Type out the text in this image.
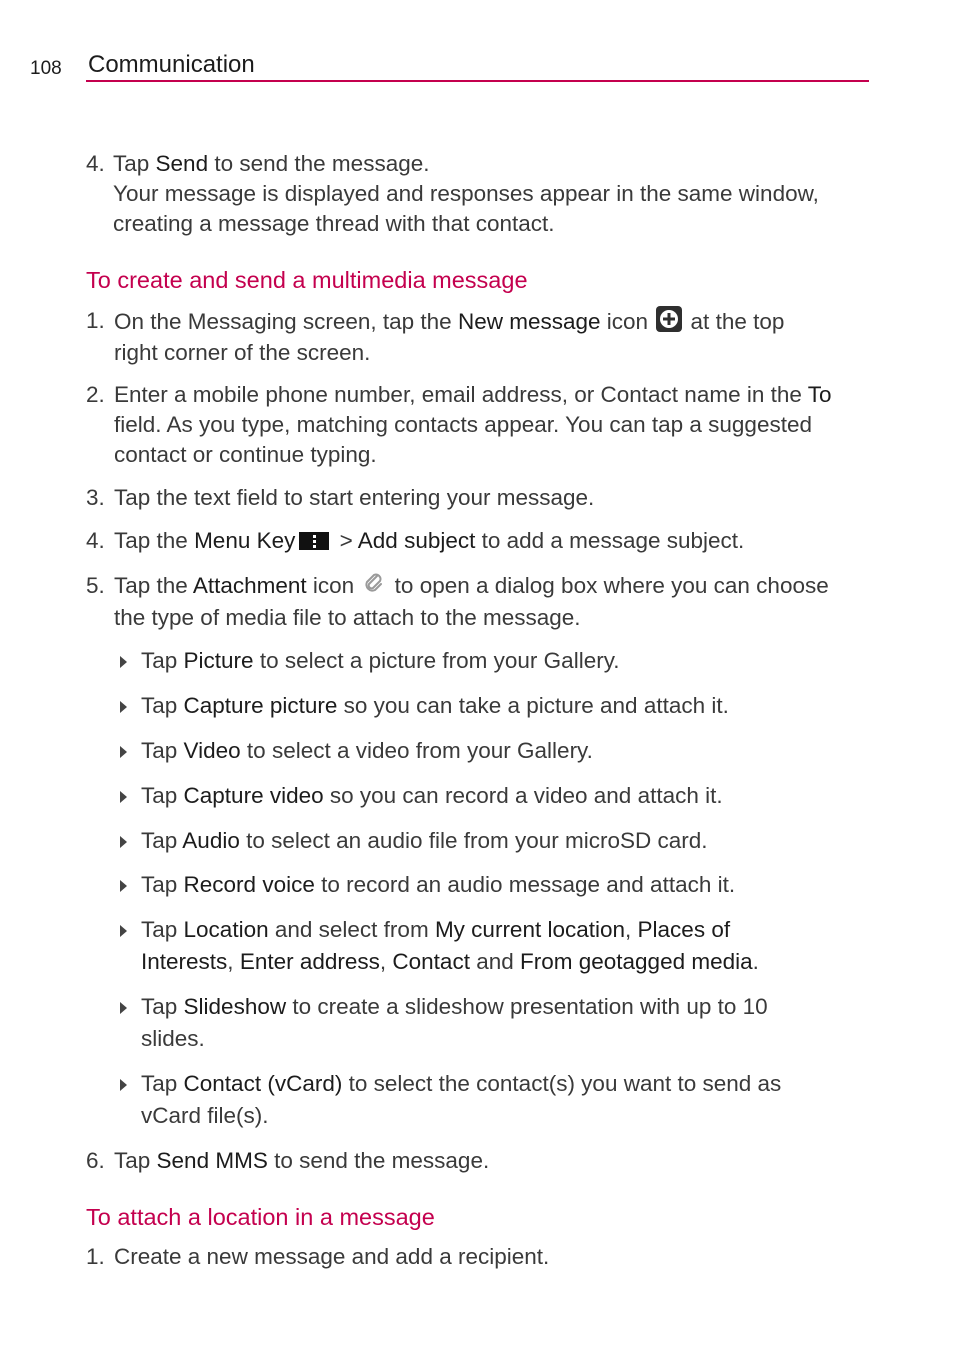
108 Communication
4. Tap Send to send the message.
Your message is displayed and responses appear in the same window,
creating a message thread with that contact.
To create and send a multimedia message
1. On the Messaging screen, tap the New message icon
at the top
right corner of the screen.
2. Enter a mobile phone number, email address, or Contact name in the To
field. As you type, matching contacts appear. You can tap a suggested
contact or continue typing.
3. Tap the text field to start entering your message.
4. Tap the Menu Key
> Add subject to add a message subject.
5. Tap the Attachment icon  to open a dialog box where you can choose
the type of media file to attach to the message.
Tap Picture to select a picture from your Gallery.
Tap Capture picture so you can take a picture and attach it.
Tap Video to select a video from your Gallery.
Tap Capture video so you can record a video and attach it.
Tap Audio to select an audio file from your microSD card.
Tap Record voice to record an audio message and attach it.
Tap Location and select from My current location, Places of
Interests, Enter address, Contact and From geotagged media.
Tap Slideshow to create a slideshow presentation with up to 10
slides.
Tap Contact (vCard) to select the contact(s) you want to send as
vCard file(s).
6. Tap Send MMS to send the message.
To attach a location in a message
1. Create a new message and add a recipient.
